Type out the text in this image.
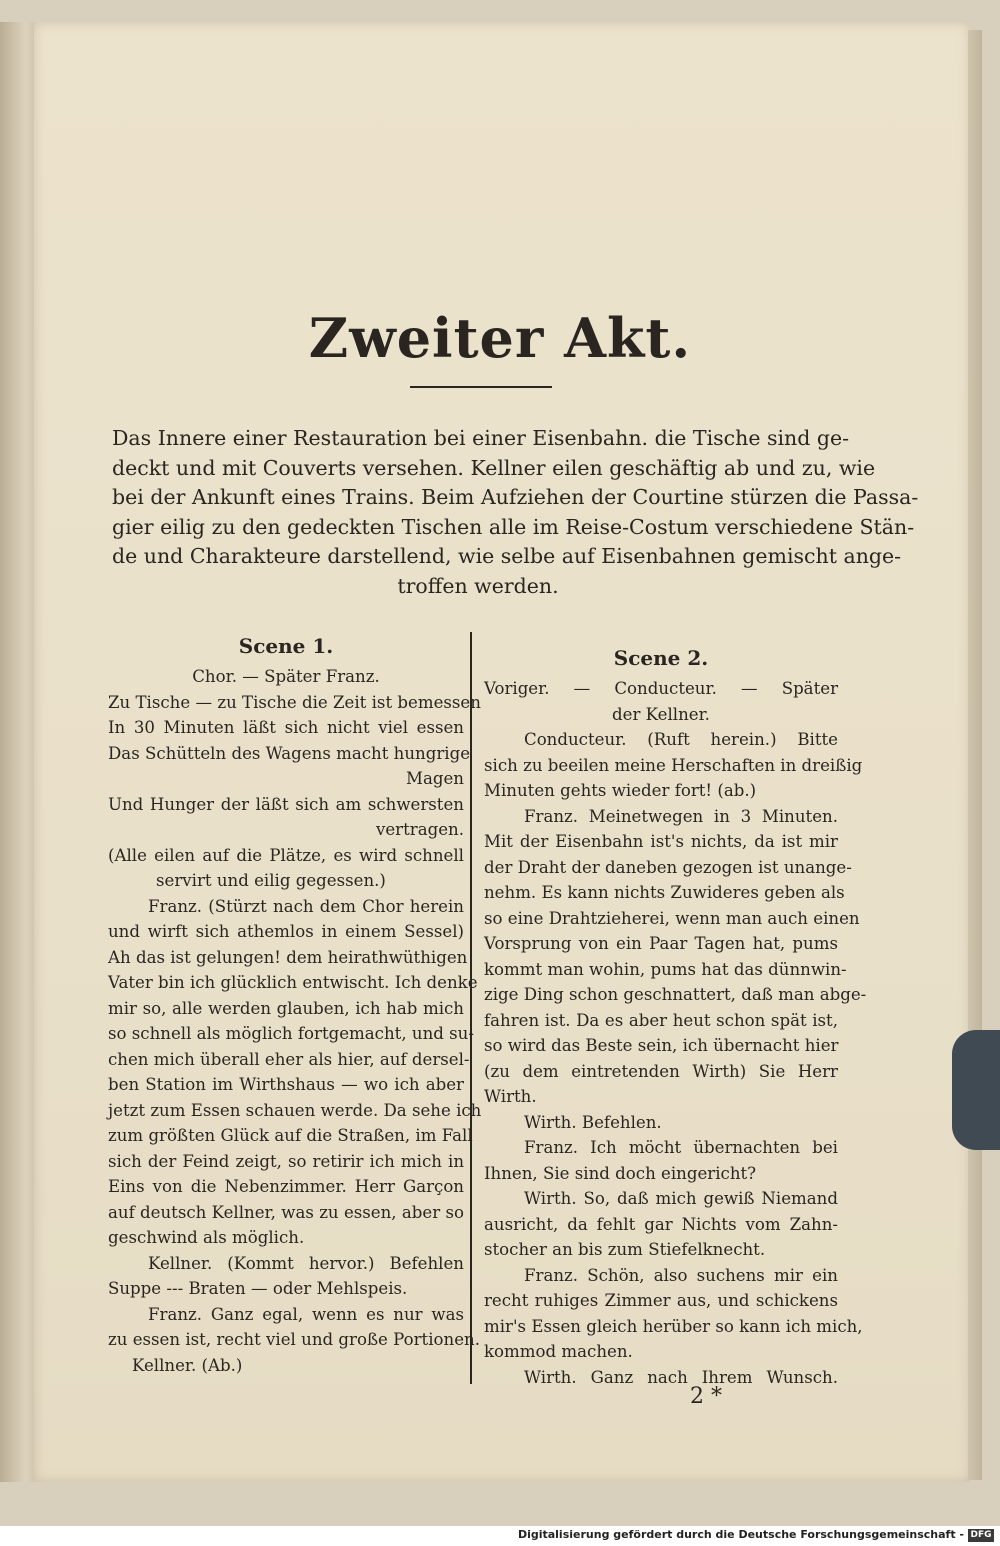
Zweiter Akt.
Das Innere einer Restauration bei einer Eisenbahn. die Tische sind ge-
deckt und mit Couverts versehen. Kellner eilen geschäftig ab und zu, wie
bei der Ankunft eines Trains. Beim Aufziehen der Courtine stürzen die Passa-
gier eilig zu den gedeckten Tischen alle im Reise-Costum verschiedene Stän-
de und Charakteure darstellend, wie selbe auf Eisenbahnen gemischt ange-
troffen werden.
Scene 1.
Chor. — Später Franz.
Zu Tische — zu Tische die Zeit ist bemessen
In 30 Minuten läßt sich nicht viel essen
Das Schütteln des Wagens macht hungrige
Magen
Und Hunger der läßt sich am schwersten
vertragen.
(Alle eilen auf die Plätze, es wird schnell
servirt und eilig gegessen.)
Franz. (Stürzt nach dem Chor herein
und wirft sich athemlos in einem Sessel)
Ah das ist gelungen! dem heirathwüthigen
Vater bin ich glücklich entwischt. Ich denke
mir so, alle werden glauben, ich hab mich
so schnell als möglich fortgemacht, und su-
chen mich überall eher als hier, auf dersel-
ben Station im Wirthshaus — wo ich aber
jetzt zum Essen schauen werde. Da sehe ich
zum größten Glück auf die Straßen, im Fall
sich der Feind zeigt, so retirir ich mich in
Eins von die Nebenzimmer. Herr Garçon
auf deutsch Kellner, was zu essen, aber so
geschwind als möglich.
Kellner. (Kommt hervor.) Befehlen
Suppe --- Braten — oder Mehlspeis.
Franz. Ganz egal, wenn es nur was
zu essen ist, recht viel und große Portionen.
Kellner. (Ab.)
Scene 2.
Voriger. — Conducteur. — Später
der Kellner.
Conducteur. (Ruft herein.) Bitte
sich zu beeilen meine Herschaften in dreißig
Minuten gehts wieder fort! (ab.)
Franz. Meinetwegen in 3 Minuten.
Mit der Eisenbahn ist's nichts, da ist mir
der Draht der daneben gezogen ist unange-
nehm. Es kann nichts Zuwideres geben als
so eine Drahtzieherei, wenn man auch einen
Vorsprung von ein Paar Tagen hat, pums
kommt man wohin, pums hat das dünnwin-
zige Ding schon geschnattert, daß man abge-
fahren ist. Da es aber heut schon spät ist,
so wird das Beste sein, ich übernacht hier
(zu dem eintretenden Wirth) Sie Herr
Wirth.
Wirth. Befehlen.
Franz. Ich möcht übernachten bei
Ihnen, Sie sind doch eingericht?
Wirth. So, daß mich gewiß Niemand
ausricht, da fehlt gar Nichts vom Zahn-
stocher an bis zum Stiefelknecht.
Franz. Schön, also suchens mir ein
recht ruhiges Zimmer aus, und schickens
mir's Essen gleich herüber so kann ich mich,
kommod machen.
Wirth. Ganz nach Ihrem Wunsch.
2 *
Digitalisierung gefördert durch die Deutsche Forschungsgemeinschaft - DFG
